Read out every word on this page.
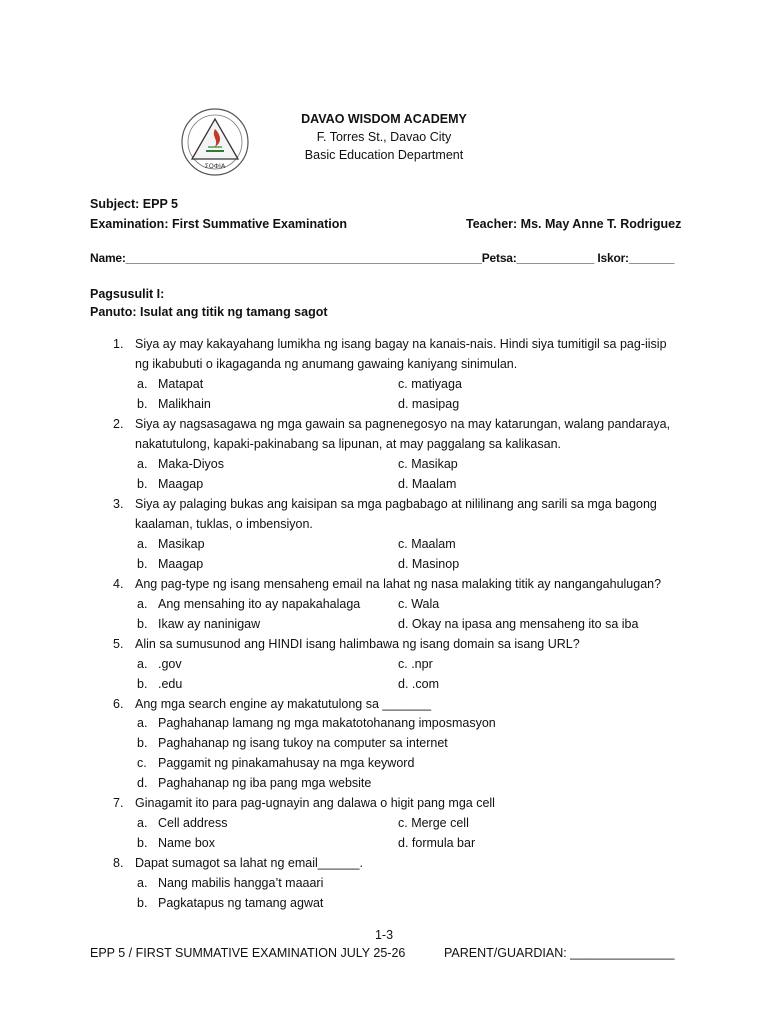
ΣΟΦΙΑ
DAVAO WISDOM ACADEMY
F. Torres St., Davao City
Basic Education Department
Subject: EPP 5
Examination: First Summative Examination	Teacher: Ms. May Anne T. Rodriguez
Name:_______________________________________________________Petsa:____________ Iskor:_______
Pagsusulit I:
Panuto: Isulat ang titik ng tamang sagot
1. Siya ay may kakayahang lumikha ng isang bagay na kanais-nais. Hindi siya tumitigil sa pag-iisip
ng ikabubuti o ikagaganda ng anumang gawaing kaniyang sinimulan.
a. Matapat	c. matiyaga
b. Malikhain	d. masipag
2. Siya ay nagsasagawa ng mga gawain sa pagnenegosyo na may katarungan, walang pandaraya,
nakatutulong, kapaki-pakinabang sa lipunan, at may paggalang sa kalikasan.
a. Maka-Diyos	c. Masikap
b. Maagap	d. Maalam
3. Siya ay palaging bukas ang kaisipan sa mga pagbabago at nililinang ang sarili sa mga bagong
kaalaman, tuklas, o imbensiyon.
a. Masikap	c. Maalam
b. Maagap	d. Masinop
4. Ang pag-type ng isang mensaheng email na lahat ng nasa malaking titik ay nangangahulugan?
a. Ang mensahing ito ay napakahalaga	c. Wala
b. Ikaw ay naninigaw	d. Okay na ipasa ang mensaheng ito sa iba
5. Alin sa sumusunod ang HINDI isang halimbawa ng isang domain sa isang URL?
a. .gov	c. .npr
b. .edu	d. .com
6. Ang mga search engine ay makatutulong sa _______
a. Paghahanap lamang ng mga makatotohanang imposmasyon
b. Paghahanap ng isang tukoy na computer sa internet
c. Paggamit ng pinakamahusay na mga keyword
d. Paghahanap ng iba pang mga website
7. Ginagamit ito para pag-ugnayin ang dalawa o higit pang mga cell
a. Cell address	c. Merge cell
b. Name box	d. formula bar
8. Dapat sumagot sa lahat ng email______.
a. Nang mabilis hangga’t maaari
b. Pagkatapus ng tamang agwat
1-3
EPP 5 / FIRST SUMMATIVE EXAMINATION JULY 25-26	PARENT/GUARDIAN: _______________
